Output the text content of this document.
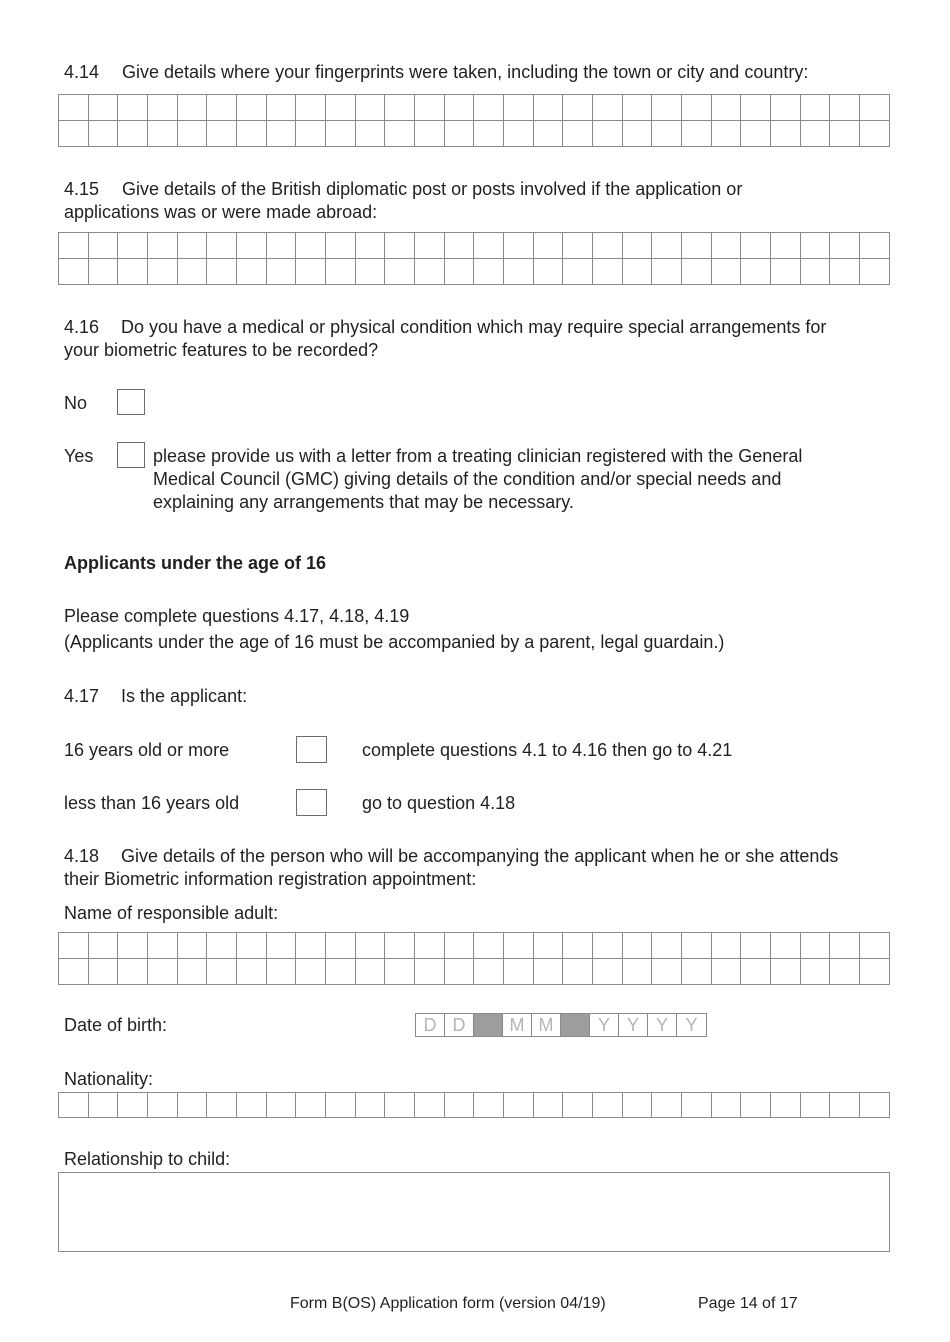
4.14 Give details where your fingerprints were taken, including the town or city and country:

4.15 Give details of the British diplomatic post or posts involved if the application or
applications was or were made abroad:

4.16 Do you have a medical or physical condition which may require special arrangements for
your biometric features to be recorded?
No
Yes	please provide us with a letter from a treating clinician registered with the General
Medical Council (GMC) giving details of the condition and/or special needs and
explaining any arrangements that may be necessary.
Applicants under the age of 16
Please complete questions 4.17, 4.18, 4.19
(Applicants under the age of 16 must be accompanied by a parent, legal guardain.)
4.17 Is the applicant:
16 years old or more	complete questions 4.1 to 4.16 then go to 4.21
less than 16 years old	go to question 4.18
4.18 Give details of the person who will be accompanying the applicant when he or she attends
their Biometric information registration appointment:
Name of responsible adult:

Date of birth:	D D	M M	Y Y Y Y
Nationality:

Relationship to child:
Form B(OS) Application form (version 04/19)	Page 14 of 17
